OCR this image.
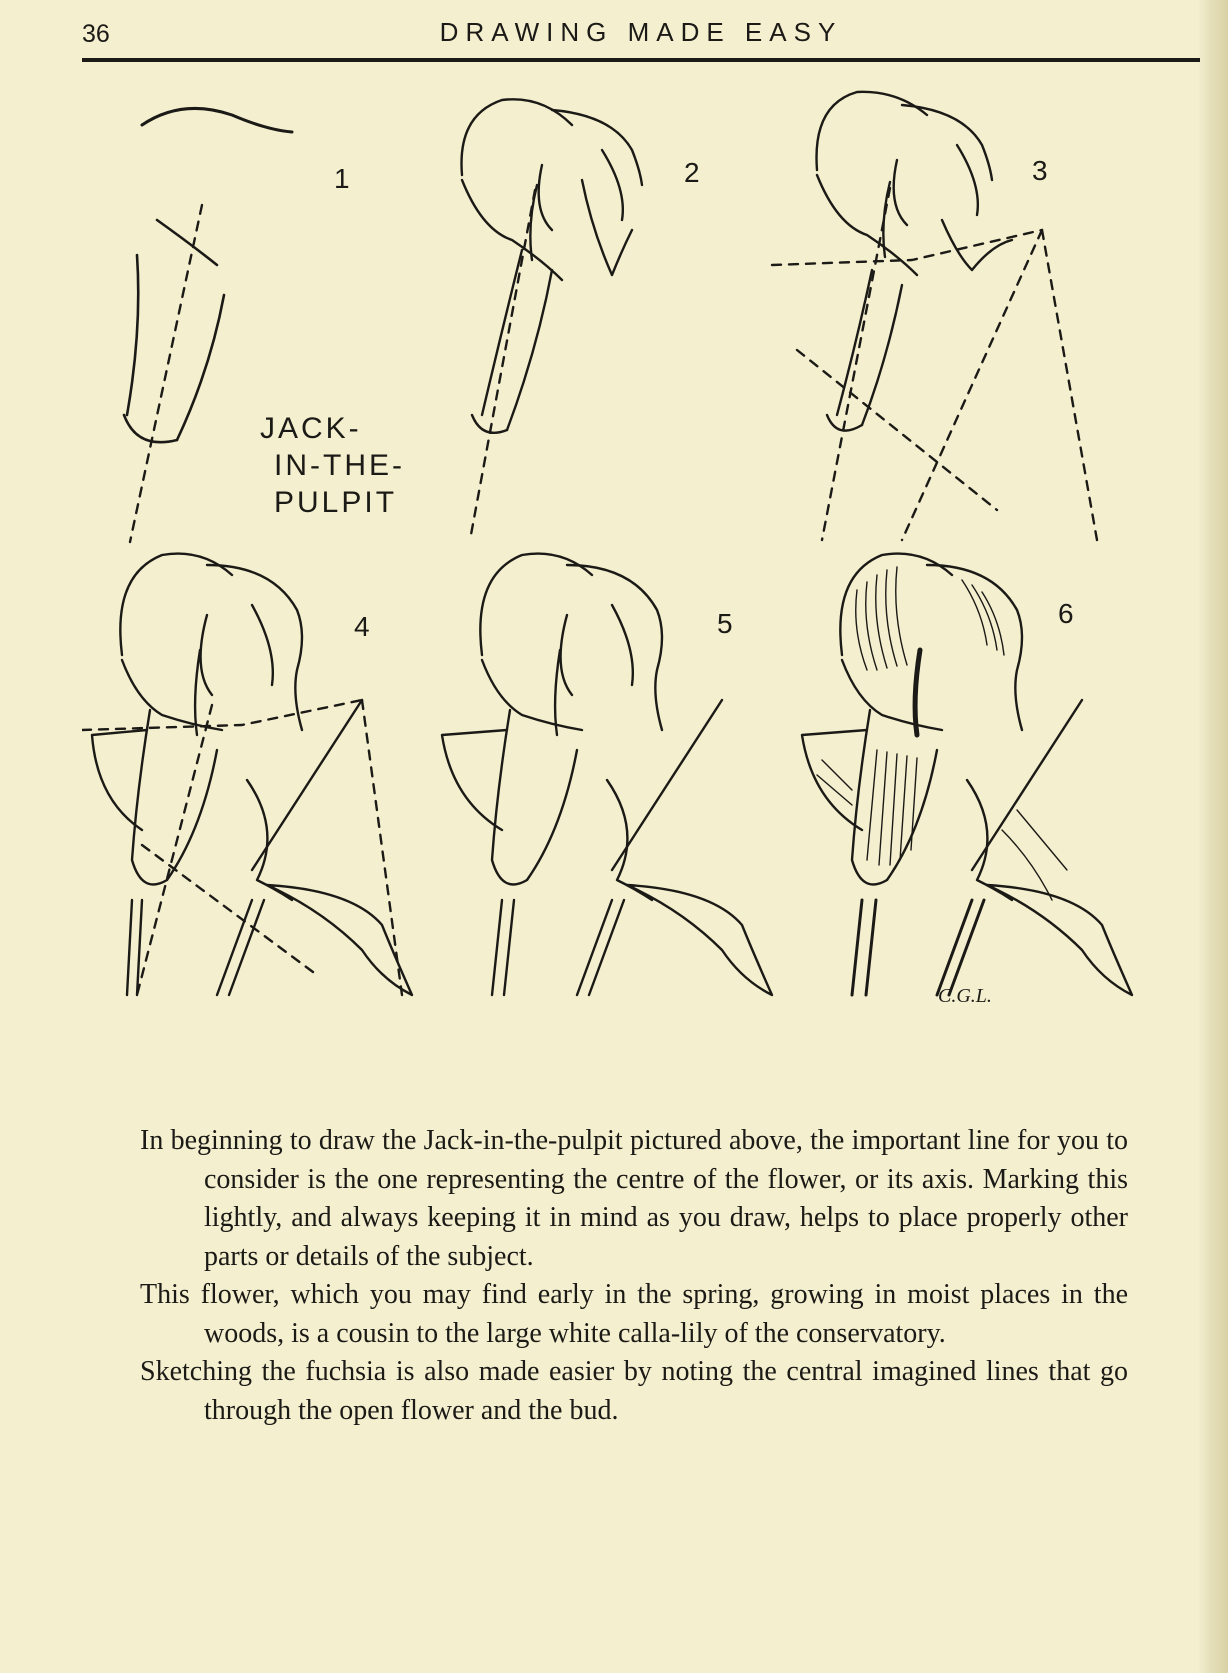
36	DRAWING MADE EASY
1	2	3
4	5	6
JACK-
IN-THE-
PULPIT
C.G.L.

In beginning to draw the Jack-in-the-pulpit pictured above, the important line for you to consider is the one representing the centre of the flower, or its axis. Marking this lightly, and always keeping it in mind as you draw, helps to place properly other parts or details of the subject.

This flower, which you may find early in the spring, growing in moist places in the woods, is a cousin to the large white calla-lily of the conservatory.

Sketching the fuchsia is also made easier by noting the central imagined lines that go through the open flower and the bud.
